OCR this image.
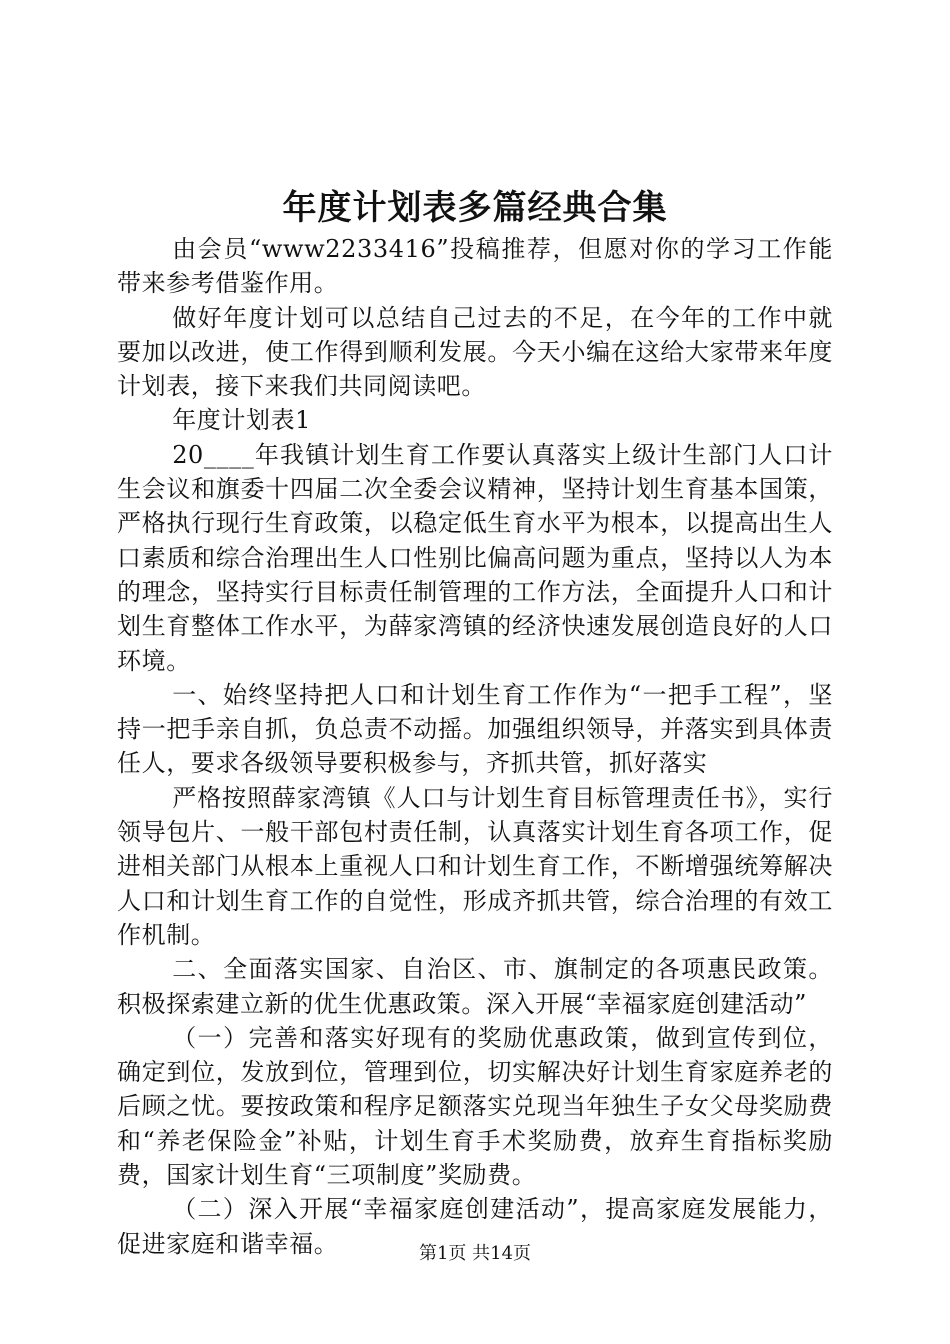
年度计划表多篇经典合集

由会员“www2233416”投稿推荐，但愿对你的学习工作能带来参考借鉴作用。

做好年度计划可以总结自己过去的不足，在今年的工作中就要加以改进，使工作得到顺利发展。今天小编在这给大家带来年度计划表，接下来我们共同阅读吧。

年度计划表1

20____年我镇计划生育工作要认真落实上级计生部门人口计生会议和旗委十四届二次全委会议精神，坚持计划生育基本国策，严格执行现行生育政策，以稳定低生育水平为根本，以提高出生人口素质和综合治理出生人口性别比偏高问题为重点，坚持以人为本的理念，坚持实行目标责任制管理的工作方法，全面提升人口和计划生育整体工作水平，为薛家湾镇的经济快速发展创造良好的人口环境。

一、始终坚持把人口和计划生育工作作为“一把手工程”，坚持一把手亲自抓，负总责不动摇。加强组织领导，并落实到具体责任人，要求各级领导要积极参与，齐抓共管，抓好落实

严格按照薛家湾镇《人口与计划生育目标管理责任书》，实行领导包片、一般干部包村责任制，认真落实计划生育各项工作，促进相关部门从根本上重视人口和计划生育工作，不断增强统筹解决人口和计划生育工作的自觉性，形成齐抓共管，综合治理的有效工作机制。

二、全面落实国家、自治区、市、旗制定的各项惠民政策。积极探索建立新的优生优惠政策。深入开展“幸福家庭创建活动”

（一）完善和落实好现有的奖励优惠政策，做到宣传到位，确定到位，发放到位，管理到位，切实解决好计划生育家庭养老的后顾之忧。要按政策和程序足额落实兑现当年独生子女父母奖励费和“养老保险金”补贴，计划生育手术奖励费，放弃生育指标奖励费，国家计划生育“三项制度”奖励费。

（二）深入开展“幸福家庭创建活动”，提高家庭发展能力，促进家庭和谐幸福。	第1页 共14页
